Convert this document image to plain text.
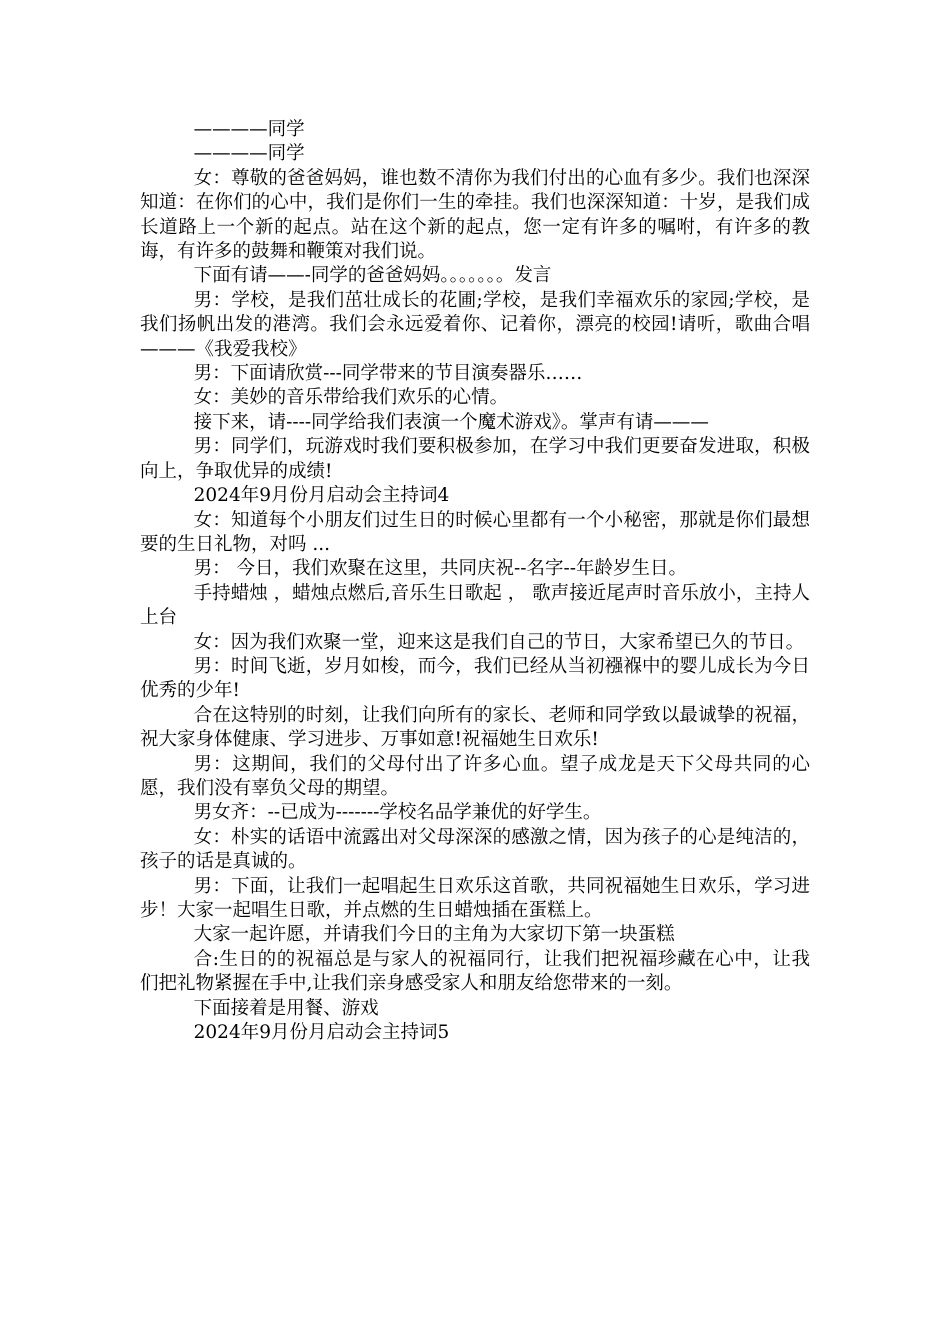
————同学

————同学

女：尊敬的爸爸妈妈，谁也数不清你为我们付出的心血有多少。我们也深深知道：在你们的心中，我们是你们一生的牵挂。我们也深深知道：十岁，是我们成长道路上一个新的起点。站在这个新的起点，您一定有许多的嘱咐，有许多的教诲，有许多的鼓舞和鞭策对我们说。

下面有请——-同学的爸爸妈妈。。。。。。。发言

男：学校，是我们茁壮成长的花圃;学校，是我们幸福欢乐的家园;学校，是我们扬帆出发的港湾。我们会永远爱着你、记着你，漂亮的校园!请听，歌曲合唱———《我爱我校》

男：下面请欣赏---同学带来的节目演奏器乐……

女：美妙的音乐带给我们欢乐的心情。

接下来，请----同学给我们表演一个魔术游戏》。掌声有请———

男：同学们，玩游戏时我们要积极参加，在学习中我们更要奋发进取，积极向上，争取优异的成绩!

2024年9月份月启动会主持词4

女：知道每个小朋友们过生日的时候心里都有一个小秘密，那就是你们最想要的生日礼物，对吗 ...

男： 今日，我们欢聚在这里，共同庆祝--名字--年龄岁生日。

手持蜡烛 ，蜡烛点燃后,音乐生日歌起 ， 歌声接近尾声时音乐放小，主持人上台

女：因为我们欢聚一堂，迎来这是我们自己的节日，大家希望已久的节日。

男：时间飞逝，岁月如梭，而今，我们已经从当初襁褓中的婴儿成长为今日优秀的少年!

合在这特别的时刻，让我们向所有的家长、老师和同学致以最诚挚的祝福，祝大家身体健康、学习进步、万事如意!祝福她生日欢乐!

男：这期间，我们的父母付出了许多心血。望子成龙是天下父母共同的心愿，我们没有辜负父母的期望。

男女齐：--已成为-------学校名品学兼优的好学生。

女：朴实的话语中流露出对父母深深的感激之情，因为孩子的心是纯洁的，孩子的话是真诚的。

男：下面，让我们一起唱起生日欢乐这首歌，共同祝福她生日欢乐，学习进步！大家一起唱生日歌，并点燃的生日蜡烛插在蛋糕上。

大家一起许愿，并请我们今日的主角为大家切下第一块蛋糕

合:生日的的祝福总是与家人的祝福同行，让我们把祝福珍藏在心中，让我们把礼物紧握在手中,让我们亲身感受家人和朋友给您带来的一刻。

下面接着是用餐、游戏

2024年9月份月启动会主持词5
